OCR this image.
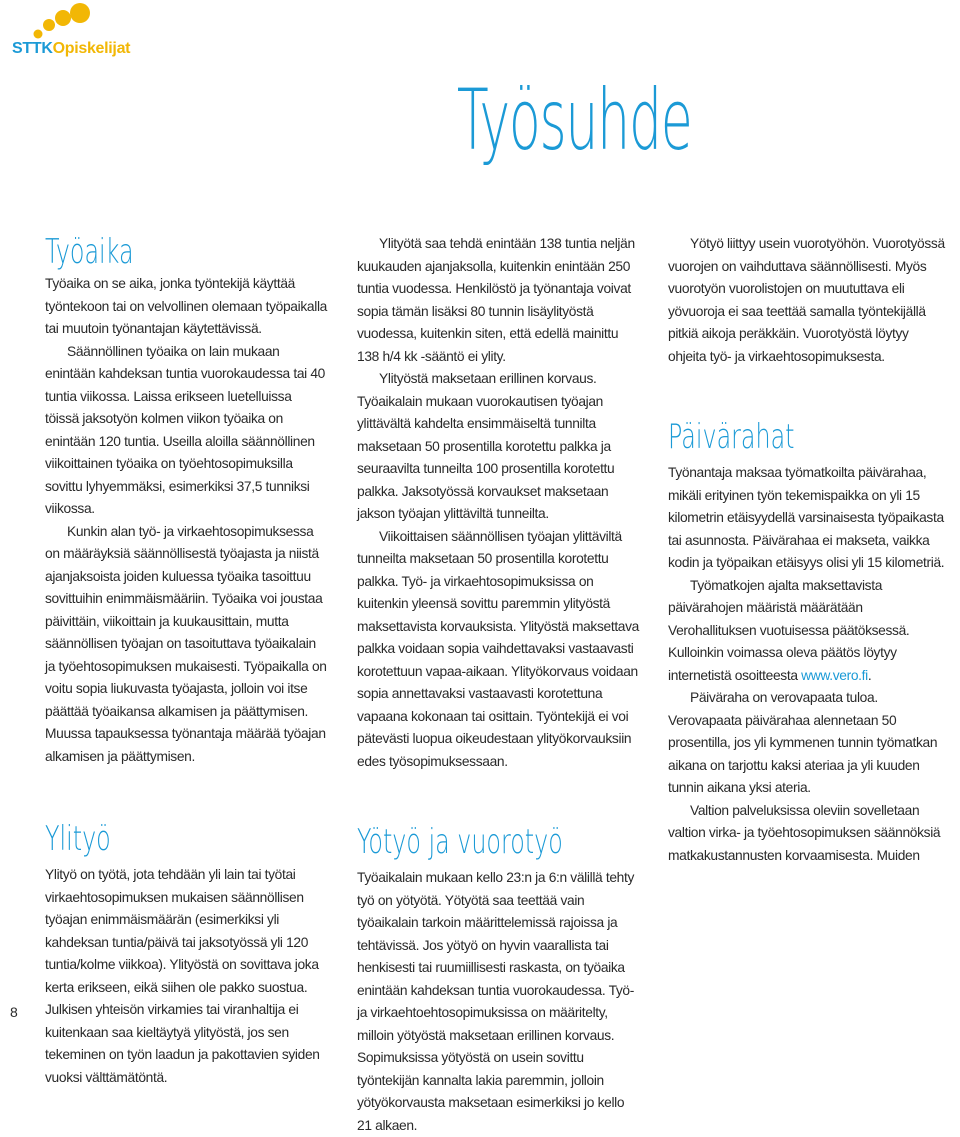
STTKOpiskelijat
Työsuhde
Työaika

Työaika on se aika, jonka työntekijä käyttää työntekoon tai on velvollinen olemaan työpaikalla tai muutoin työnantajan käytettävissä.

Säännöllinen työaika on lain mukaan enintään kahdeksan tuntia vuorokaudessa tai 40 tuntia viikossa. Laissa erikseen luetelluissa töissä jaksotyön kolmen viikon työaika on enintään 120 tuntia. Useilla aloilla säännöllinen viikoittainen työaika on työehtosopimuksilla sovittu lyhyemmäksi, esimerkiksi 37,5 tunniksi viikossa.

Kunkin alan työ- ja virkaehtosopimuksessa on määräyksiä säännöllisestä työajasta ja niistä ajanjaksoista joiden kuluessa työaika tasoittuu sovittuihin enimmäismääriin. Työaika voi joustaa päivittäin, viikoittain ja kuukausittain, mutta säännöllisen työajan on tasoituttava työaikalain ja työehtosopimuksen mukaisesti. Työpaikalla on voitu sopia liukuvasta työajasta, jolloin voi itse päättää työaikansa alkamisen ja päättymisen. Muussa tapauksessa työnantaja määrää työajan alkamisen ja päättymisen.

Ylityö

Ylityö on työtä, jota tehdään yli lain tai työtai virkaehtosopimuksen mukaisen säännöllisen työajan enimmäismäärän (esimerkiksi yli kahdeksan tuntia/päivä tai jaksotyössä yli 120 tuntia/kolme viikkoa). Ylityöstä on sovittava joka kerta erikseen, eikä siihen ole pakko suostua. Julkisen yhteisön virkamies tai viranhaltija ei kuitenkaan saa kieltäytyä ylityöstä, jos sen tekeminen on työn laadun ja pakottavien syiden vuoksi välttämätöntä.

Ylityötä saa tehdä enintään 138 tuntia neljän kuukauden ajanjaksolla, kuitenkin enintään 250 tuntia vuodessa. Henkilöstö ja työnantaja voivat sopia tämän lisäksi 80 tunnin lisäylityöstä vuodessa, kuitenkin siten, että edellä mainittu 138 h/4 kk -sääntö ei ylity.

Ylityöstä maksetaan erillinen korvaus. Työaikalain mukaan vuorokautisen työajan ylittävältä kahdelta ensimmäiseltä tunnilta maksetaan 50 prosentilla korotettu palkka ja seuraavilta tunneilta 100 prosentilla korotettu palkka. Jaksotyössä korvaukset maksetaan jakson työajan ylittäviltä tunneilta.

Viikoittaisen säännöllisen työajan ylittäviltä tunneilta maksetaan 50 prosentilla korotettu palkka. Työ- ja virkaehtosopimuksissa on kuitenkin yleensä sovittu paremmin ylityöstä maksettavista korvauksista. Ylityöstä maksettava palkka voidaan sopia vaihdettavaksi vastaavasti korotettuun vapaa-aikaan. Ylityökorvaus voidaan sopia annettavaksi vastaavasti korotettuna vapaana kokonaan tai osittain. Työntekijä ei voi pätevästi luopua oikeudestaan ylityökorvauksiin edes työsopimuksessaan.

Yötyö ja vuorotyö

Työaikalain mukaan kello 23:n ja 6:n välillä tehty työ on yötyötä. Yötyötä saa teettää vain työaikalain tarkoin määrittelemissä rajoissa ja tehtävissä. Jos yötyö on hyvin vaarallista tai henkisesti tai ruumiillisesti raskasta, on työaika enintään kahdeksan tuntia vuorokaudessa. Työ- ja virkaehtoehtosopimuksissa on määritelty, milloin yötyöstä maksetaan erillinen korvaus. Sopimuksissa yötyöstä on usein sovittu työntekijän kannalta lakia paremmin, jolloin yötyökorvausta maksetaan esimerkiksi jo kello 21 alkaen.

Yötyö liittyy usein vuorotyöhön. Vuorotyössä vuorojen on vaihduttava säännöllisesti. Myös vuorotyön vuorolistojen on muututtava eli yövuoroja ei saa teettää samalla työntekijällä pitkiä aikoja peräkkäin. Vuorotyöstä löytyy ohjeita työ- ja virkaehtosopimuksesta.

Päivärahat

Työnantaja maksaa työmatkoilta päivärahaa, mikäli erityinen työn tekemispaikka on yli 15 kilometrin etäisyydellä varsinaisesta työpaikasta tai asunnosta. Päivärahaa ei makseta, vaikka kodin ja työpaikan etäisyys olisi yli 15 kilometriä.

Työmatkojen ajalta maksettavista päivärahojen määristä määrätään Verohallituksen vuotuisessa päätöksessä. Kulloinkin voimassa oleva päätös löytyy internetistä osoitteesta www.vero.fi.

Päiväraha on verovapaata tuloa. Verovapaata päivärahaa alennetaan 50 prosentilla, jos yli kymmenen tunnin työmatkan aikana on tarjottu kaksi ateriaa ja yli kuuden tunnin aikana yksi ateria.

Valtion palveluksissa oleviin sovelletaan valtion virka- ja työehtosopimuksen säännöksiä matkakustannusten korvaamisesta. Muiden

8
